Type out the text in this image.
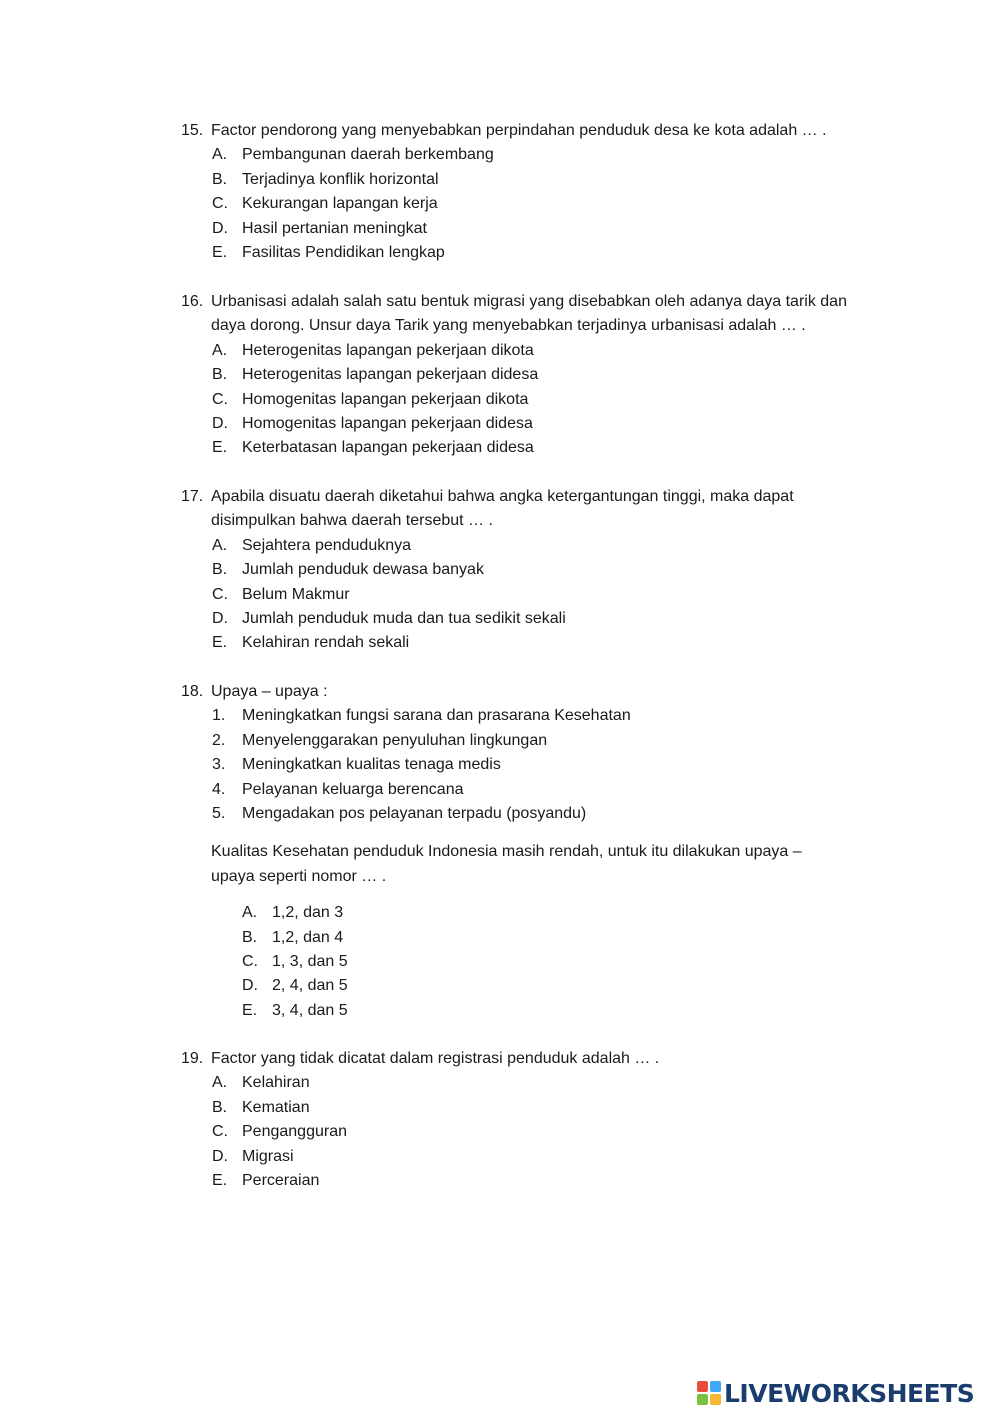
15. Factor pendorong yang menyebabkan perpindahan penduduk desa ke kota adalah … .
A. Pembangunan daerah berkembang
B. Terjadinya konflik horizontal
C. Kekurangan lapangan kerja
D. Hasil pertanian meningkat
E. Fasilitas Pendidikan lengkap
16. Urbanisasi adalah salah satu bentuk migrasi yang disebabkan oleh adanya daya tarik dan
daya dorong. Unsur daya Tarik yang menyebabkan terjadinya urbanisasi adalah … .
A. Heterogenitas lapangan pekerjaan dikota
B. Heterogenitas lapangan pekerjaan didesa
C. Homogenitas lapangan pekerjaan dikota
D. Homogenitas lapangan pekerjaan didesa
E. Keterbatasan lapangan pekerjaan didesa
17. Apabila disuatu daerah diketahui bahwa angka ketergantungan tinggi, maka dapat
disimpulkan bahwa daerah tersebut … .
A. Sejahtera penduduknya
B. Jumlah penduduk dewasa banyak
C. Belum Makmur
D. Jumlah penduduk muda dan tua sedikit sekali
E. Kelahiran rendah sekali
18. Upaya – upaya :
1. Meningkatkan fungsi sarana dan prasarana Kesehatan
2. Menyelenggarakan penyuluhan lingkungan
3. Meningkatkan kualitas tenaga medis
4. Pelayanan keluarga berencana
5. Mengadakan pos pelayanan terpadu (posyandu)
Kualitas Kesehatan penduduk Indonesia masih rendah, untuk itu dilakukan upaya –
upaya seperti nomor … .
A. 1,2, dan 3
B. 1,2, dan 4
C. 1, 3, dan 5
D. 2, 4, dan 5
E. 3, 4, dan 5
19. Factor yang tidak dicatat dalam registrasi penduduk adalah … .
A. Kelahiran
B. Kematian
C. Pengangguran
D. Migrasi
E. Perceraian
LIVEWORKSHEETS
